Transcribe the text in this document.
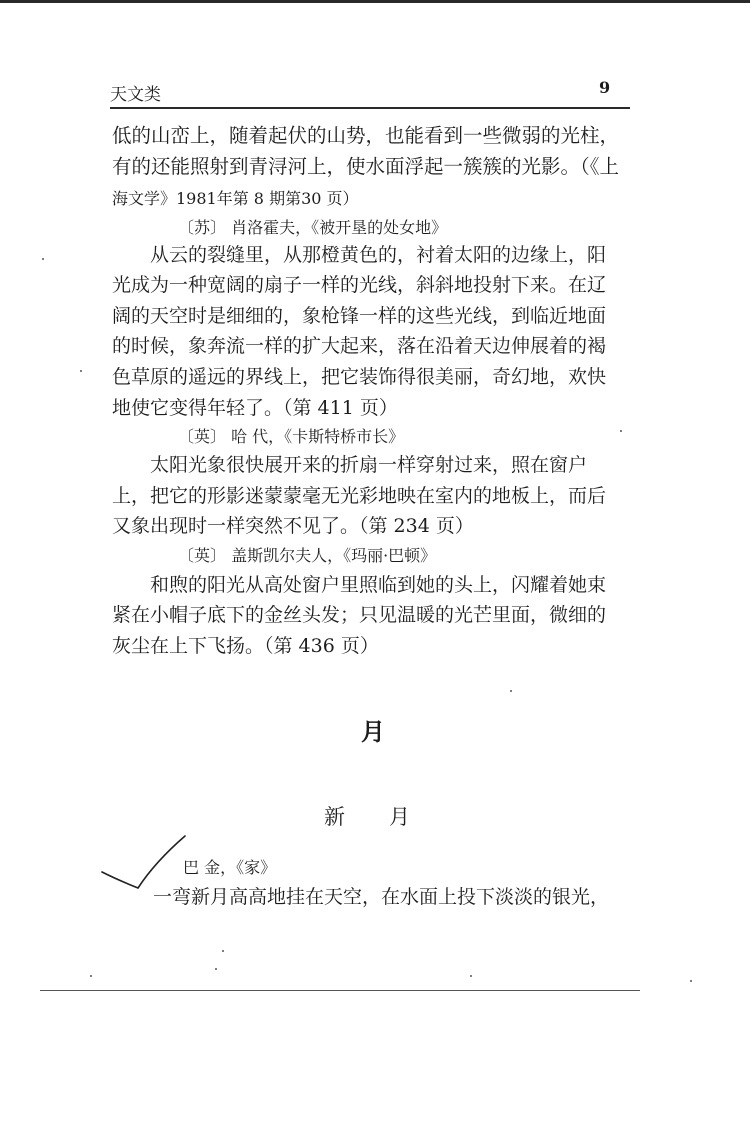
天文类	9
低的山峦上，随着起伏的山势，也能看到一些微弱的光柱，
有的还能照射到青浔河上，使水面浮起一簇簇的光影。（《上
海文学》1981年第 8 期第30 页）
〔苏〕 肖洛霍夫，《被开垦的处女地》
从云的裂缝里，从那橙黄色的，衬着太阳的边缘上，阳
光成为一种宽阔的扇子一样的光线，斜斜地投射下来。在辽
阔的天空时是细细的，象枪锋一样的这些光线，到临近地面
的时候，象奔流一样的扩大起来，落在沿着天边伸展着的褐
色草原的遥远的界线上，把它装饰得很美丽，奇幻地，欢快
地使它变得年轻了。（第 411 页）
〔英〕 哈 代，《卡斯特桥市长》
太阳光象很快展开来的折扇一样穿射过来，照在窗户
上，把它的形影迷蒙蒙毫无光彩地映在室内的地板上，而后
又象出现时一样突然不见了。（第 234 页）
〔英〕 盖斯凯尔夫人，《玛丽·巴顿》
和煦的阳光从高处窗户里照临到她的头上，闪耀着她束
紧在小帽子底下的金丝头发；只见温暖的光芒里面，微细的
灰尘在上下飞扬。（第 436 页）
月
新月
巴 金，《家》
一弯新月高高地挂在天空，在水面上投下淡淡的银光，
